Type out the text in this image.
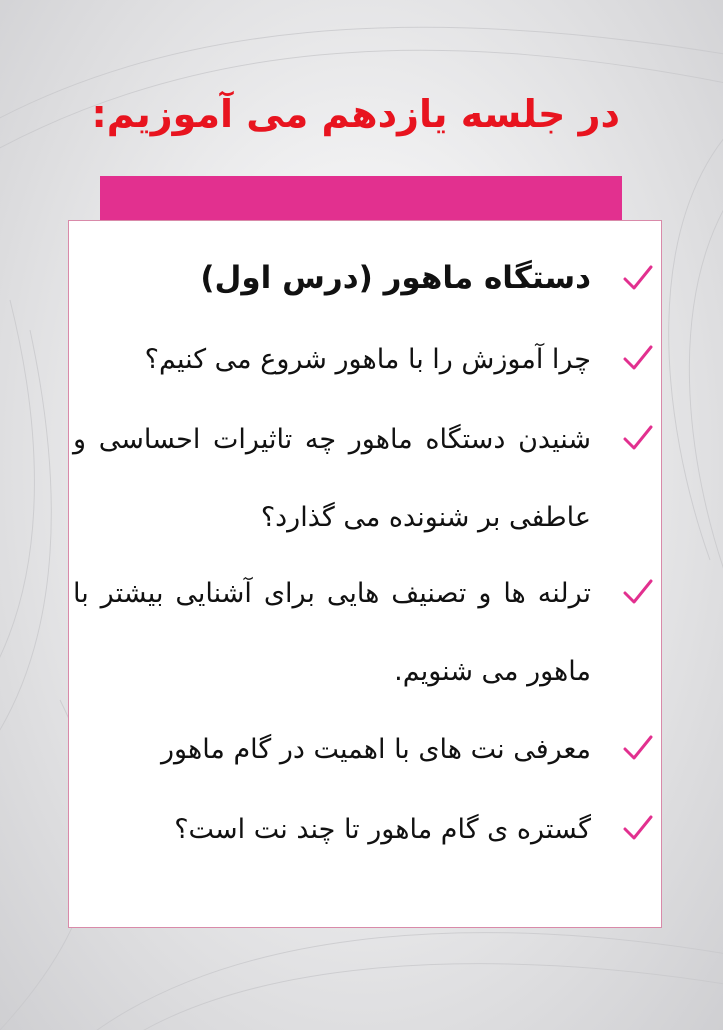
در جلسه یازدهم می آموزیم:
دستگاه ماهور (درس اول)
چرا آموزش را با ماهور شروع می کنیم؟
شنیدن دستگاه ماهور چه تاثیرات احساسی و عاطفی بر شنونده می گذارد؟
ترلنه ها و تصنیف هایی برای آشنایی بیشتر با ماهور می شنویم.
معرفی نت های با اهمیت در گام ماهور
گستره ی گام ماهور تا چند نت است؟
